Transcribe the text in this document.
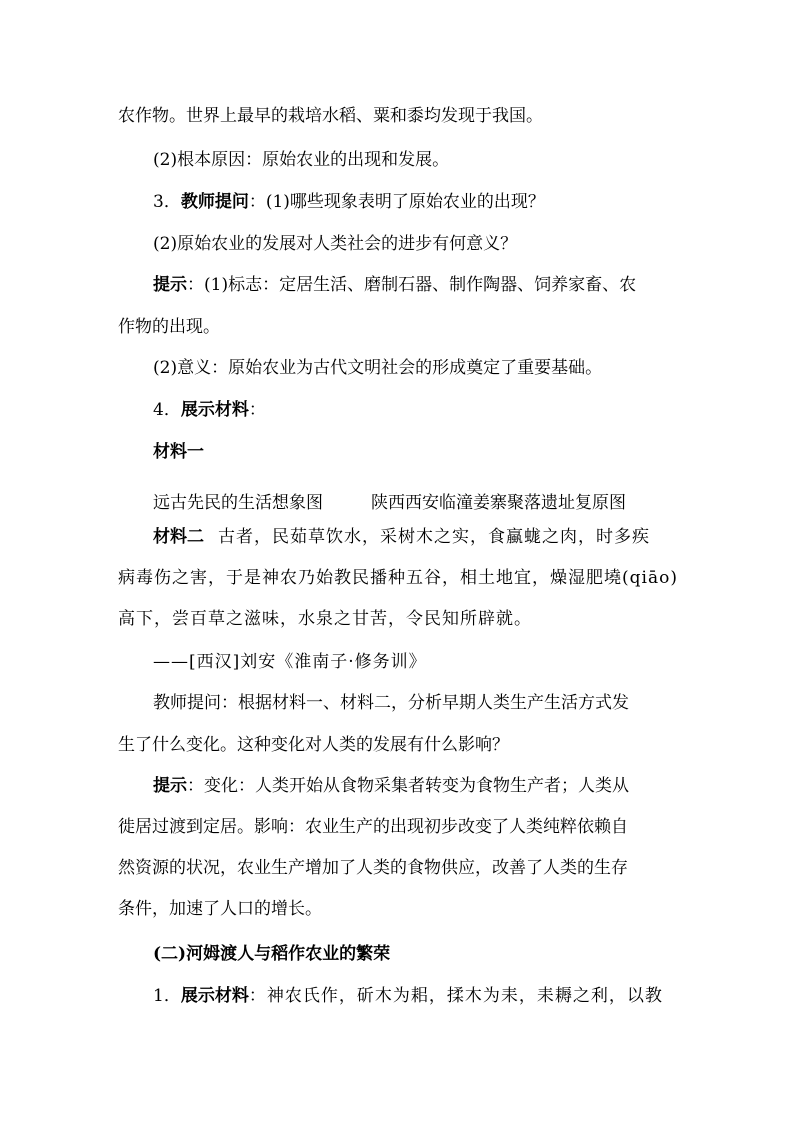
农作物。世界上最早的栽培水稻、粟和黍均发现于我国。
(2)根本原因：原始农业的出现和发展。
3．教师提问：(1)哪些现象表明了原始农业的出现？
(2)原始农业的发展对人类社会的进步有何意义？
提示：(1)标志：定居生活、磨制石器、制作陶器、饲养家畜、农
作物的出现。
(2)意义：原始农业为古代文明社会的形成奠定了重要基础。
4．展示材料：
材料一
远古先民的生活想象图	陕西西安临潼姜寨聚落遗址复原图
材料二 古者，民茹草饮水，采树木之实，食蠃蛖之肉，时多疾
病毒伤之害，于是神农乃始教民播种五谷，相土地宜，燥湿肥墝(qiāo)
高下，尝百草之滋味，水泉之甘苦，令民知所辟就。
——[西汉]刘安《淮南子·修务训》
教师提问：根据材料一、材料二，分析早期人类生产生活方式发
生了什么变化。这种变化对人类的发展有什么影响？
提示：变化：人类开始从食物采集者转变为食物生产者；人类从
徙居过渡到定居。影响：农业生产的出现初步改变了人类纯粹依赖自
然资源的状况，农业生产增加了人类的食物供应，改善了人类的生存
条件，加速了人口的增长。
(二)河姆渡人与稻作农业的繁荣
1．展示材料：神农氏作，斫木为耜，揉木为耒，耒耨之利，以教
